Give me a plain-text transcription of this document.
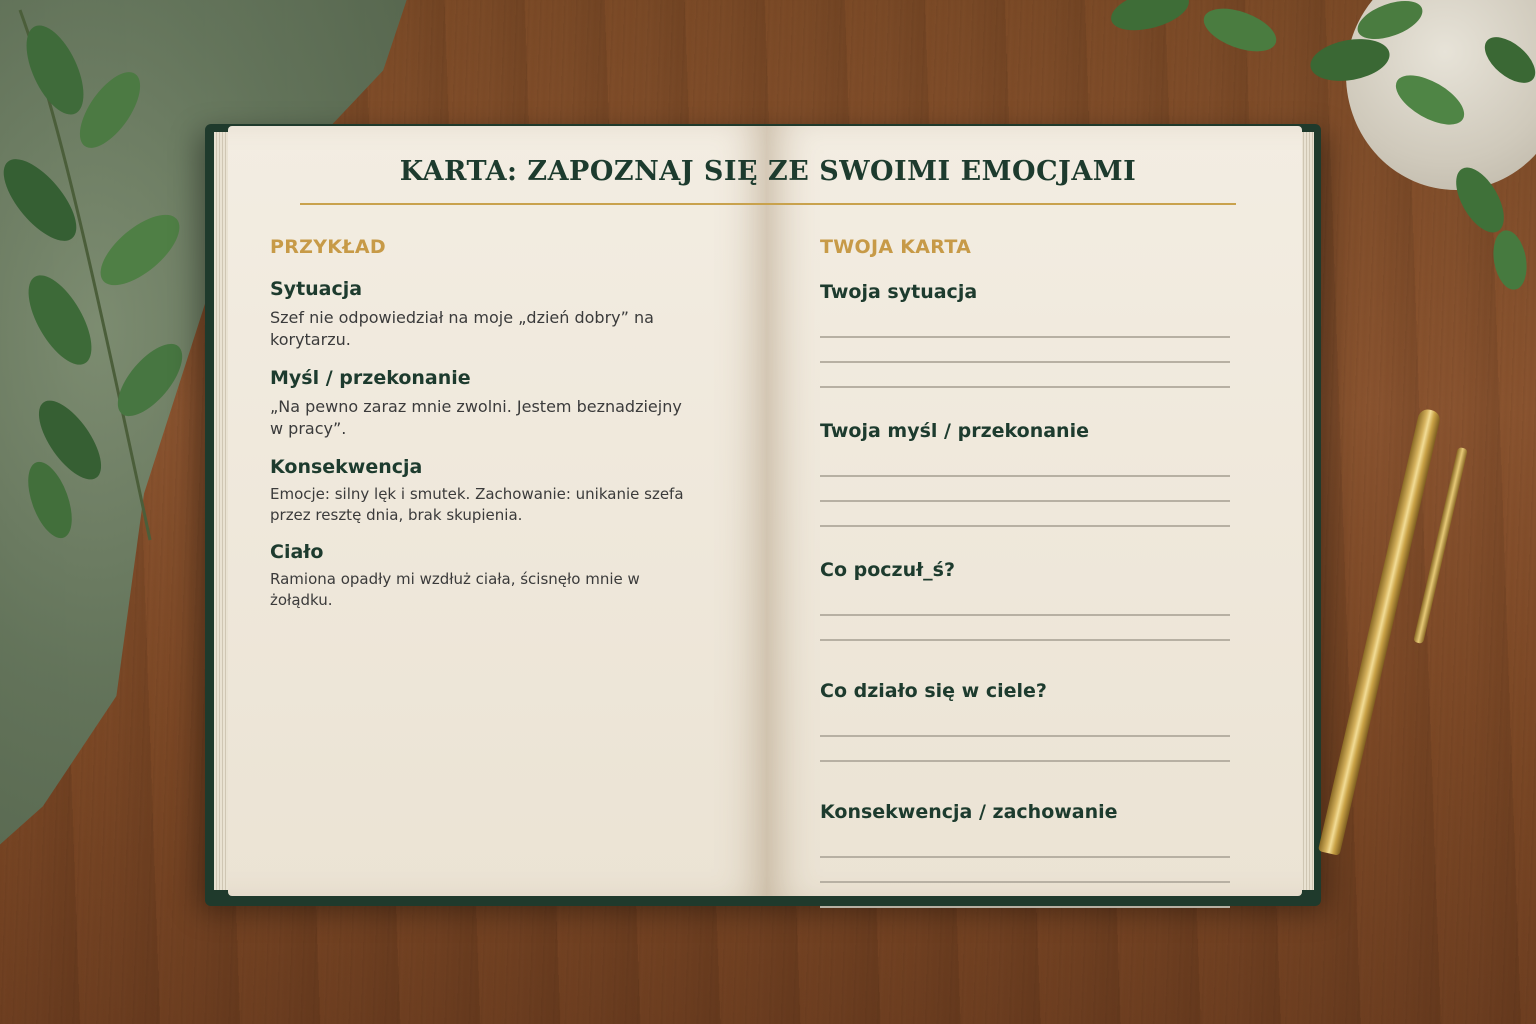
KARTA: ZAPOZNAJ SIĘ ZE SWOIMI EMOCJAMI
PRZYKŁAD
Sytuacja
Szef nie odpowiedział na moje „dzień dobry” na korytarzu.
Myśl / przekonanie
„Na pewno zaraz mnie zwolni. Jestem beznadziejny w pracy”.
Konsekwencja
Emocje: silny lęk i smutek. Zachowanie: unikanie szefa przez resztę dnia, brak skupienia.
Ciało
Ramiona opadły mi wzdłuż ciała, ścisnęło mnie w żołądku.
TWOJA KARTA
Twoja sytuacja
Twoja myśl / przekonanie
Co poczuł_ś?
Co działo się w ciele?
Konsekwencja / zachowanie
